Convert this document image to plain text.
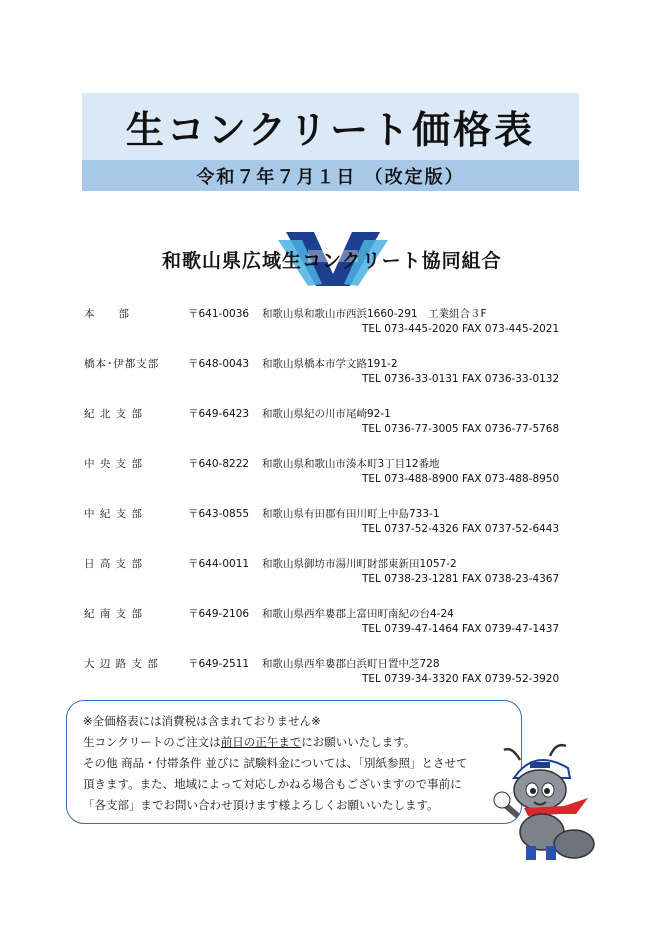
生コンクリート価格表
令和７年７月１日 （改定版）
和歌山県広域生コンクリート協同組合
本　　部	〒641-0036 和歌山県和歌山市西浜1660-291　工業組合３F
TEL 073-445-2020 FAX 073-445-2021
橋本･伊都支部	〒648-0043 和歌山県橋本市学文路191-2
TEL 0736-33-0131 FAX 0736-33-0132
紀 北 支 部	〒649-6423 和歌山県紀の川市尾崎92-1
TEL 0736-77-3005 FAX 0736-77-5768
中 央 支 部	〒640-8222 和歌山県和歌山市湊本町3丁目12番地
TEL 073-488-8900 FAX 073-488-8950
中 紀 支 部	〒643-0855 和歌山県有田郡有田川町上中島733-1
TEL 0737-52-4326 FAX 0737-52-6443
日 高 支 部	〒644-0011 和歌山県御坊市湯川町財部東新田1057-2
TEL 0738-23-1281 FAX 0738-23-4367
紀 南 支 部	〒649-2106 和歌山県西牟婁郡上富田町南紀の台4-24
TEL 0739-47-1464 FAX 0739-47-1437
大 辺 路 支 部	〒649-2511 和歌山県西牟婁郡白浜町日置中芝728
TEL 0739-34-3320 FAX 0739-52-3920
※全価格表には消費税は含まれておりません※
生コンクリートのご注文は前日の正午までにお願いいたします。
その他 商品・付帯条件 並びに 試験料金については、「別紙参照」とさせて
頂きます。また、地域によって対応しかねる場合もございますので事前に
「各支部」までお問い合わせ頂けます様よろしくお願いいたします。
